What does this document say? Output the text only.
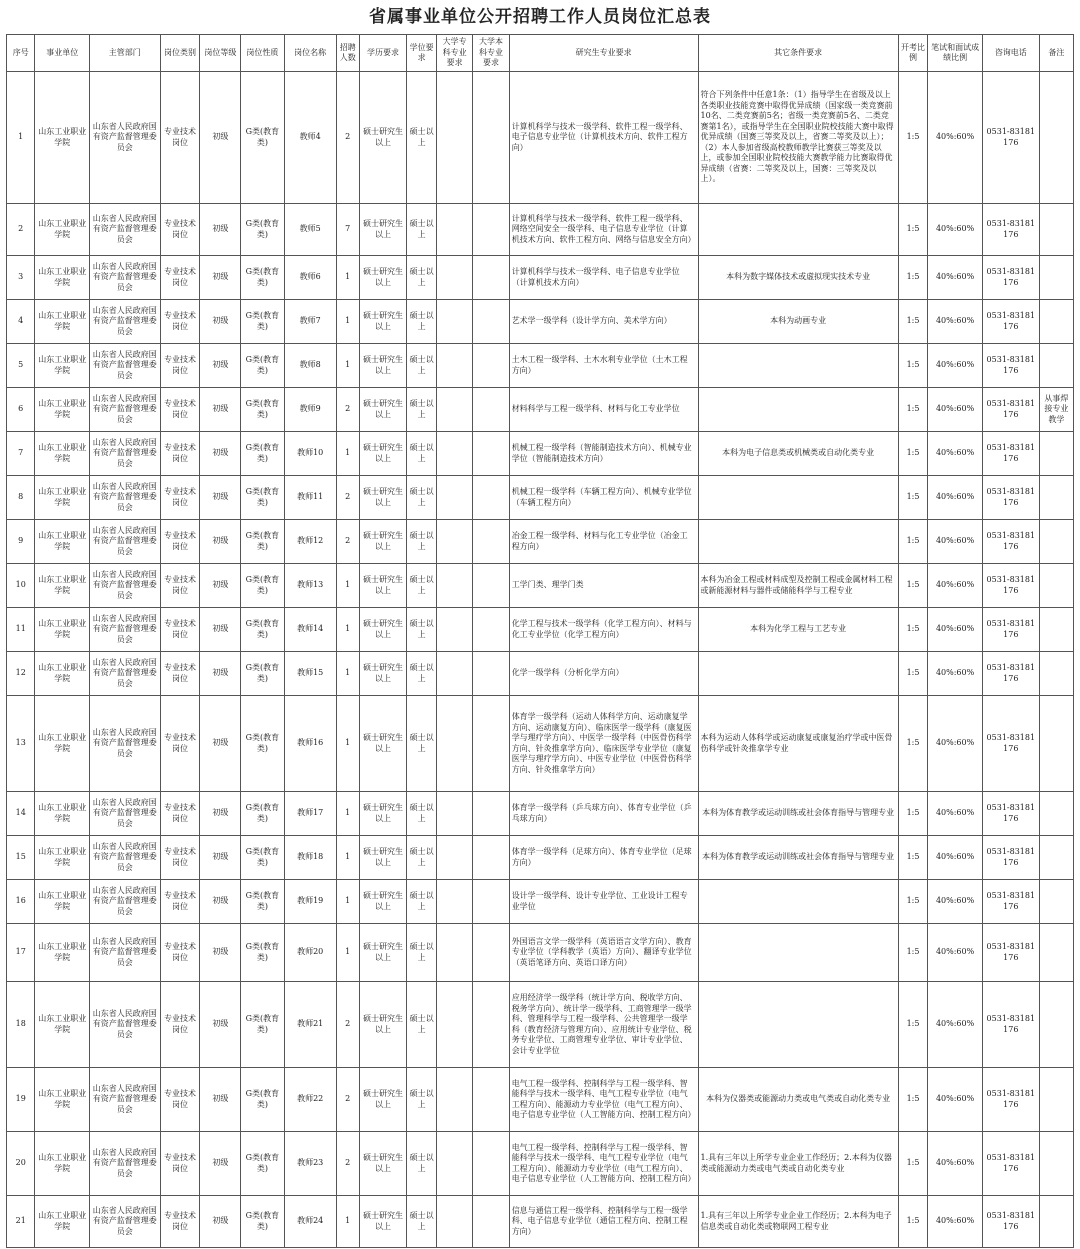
省属事业单位公开招聘工作人员岗位汇总表
序号	事业单位	主管部门	岗位类别	岗位等级	岗位性质	岗位名称	招聘人数	学历要求	学位要求	大学专科专业要求	大学本科专业要求	研究生专业要求	其它条件要求	开考比例	笔试和面试成绩比例	咨询电话	备注
1	山东工业职业学院	山东省人民政府国有资产监督管理委员会	专业技术岗位	初级	G类(教育类)	教师4	2	硕士研究生以上	硕士以上			计算机科学与技术一级学科、软件工程一级学科、电子信息专业学位（计算机技术方向、软件工程方向）	符合下列条件中任意1条：（1）指导学生在省级及以上各类职业技能竞赛中取得优异成绩（国家级一类竞赛前10名、二类竞赛前5名；省级一类竞赛前5名、二类竞赛第1名），或指导学生在全国职业院校技能大赛中取得优异成绩（国赛三等奖及以上，省赛二等奖及以上）；（2）本人参加省级高校教师教学比赛获三等奖及以上，或参加全国职业院校技能大赛教学能力比赛取得优异成绩（省赛：二等奖及以上，国赛：三等奖及以上）。	1:5	40%:60%	0531-83181176	
2	山东工业职业学院	山东省人民政府国有资产监督管理委员会	专业技术岗位	初级	G类(教育类)	教师5	7	硕士研究生以上	硕士以上			计算机科学与技术一级学科、软件工程一级学科、网络空间安全一级学科、电子信息专业学位（计算机技术方向、软件工程方向、网络与信息安全方向）		1:5	40%:60%	0531-83181176	
3	山东工业职业学院	山东省人民政府国有资产监督管理委员会	专业技术岗位	初级	G类(教育类)	教师6	1	硕士研究生以上	硕士以上			计算机科学与技术一级学科、电子信息专业学位（计算机技术方向）	本科为数字媒体技术或虚拟现实技术专业	1:5	40%:60%	0531-83181176	
4	山东工业职业学院	山东省人民政府国有资产监督管理委员会	专业技术岗位	初级	G类(教育类)	教师7	1	硕士研究生以上	硕士以上			艺术学一级学科（设计学方向、美术学方向）	本科为动画专业	1:5	40%:60%	0531-83181176	
5	山东工业职业学院	山东省人民政府国有资产监督管理委员会	专业技术岗位	初级	G类(教育类)	教师8	1	硕士研究生以上	硕士以上			土木工程一级学科、土木水利专业学位（土木工程方向）		1:5	40%:60%	0531-83181176	
6	山东工业职业学院	山东省人民政府国有资产监督管理委员会	专业技术岗位	初级	G类(教育类)	教师9	2	硕士研究生以上	硕士以上			材料科学与工程一级学科、材料与化工专业学位		1:5	40%:60%	0531-83181176	从事焊接专业教学
7	山东工业职业学院	山东省人民政府国有资产监督管理委员会	专业技术岗位	初级	G类(教育类)	教师10	1	硕士研究生以上	硕士以上			机械工程一级学科（智能制造技术方向）、机械专业学位（智能制造技术方向）	本科为电子信息类或机械类或自动化类专业	1:5	40%:60%	0531-83181176	
8	山东工业职业学院	山东省人民政府国有资产监督管理委员会	专业技术岗位	初级	G类(教育类)	教师11	2	硕士研究生以上	硕士以上			机械工程一级学科（车辆工程方向）、机械专业学位（车辆工程方向）		1:5	40%:60%	0531-83181176	
9	山东工业职业学院	山东省人民政府国有资产监督管理委员会	专业技术岗位	初级	G类(教育类)	教师12	2	硕士研究生以上	硕士以上			冶金工程一级学科、材料与化工专业学位（冶金工程方向）		1:5	40%:60%	0531-83181176	
10	山东工业职业学院	山东省人民政府国有资产监督管理委员会	专业技术岗位	初级	G类(教育类)	教师13	1	硕士研究生以上	硕士以上			工学门类、理学门类	本科为冶金工程或材料成型及控制工程或金属材料工程或新能源材料与器件或储能科学与工程专业	1:5	40%:60%	0531-83181176	
11	山东工业职业学院	山东省人民政府国有资产监督管理委员会	专业技术岗位	初级	G类(教育类)	教师14	1	硕士研究生以上	硕士以上			化学工程与技术一级学科（化学工程方向）、材料与化工专业学位（化学工程方向）	本科为化学工程与工艺专业	1:5	40%:60%	0531-83181176	
12	山东工业职业学院	山东省人民政府国有资产监督管理委员会	专业技术岗位	初级	G类(教育类)	教师15	1	硕士研究生以上	硕士以上			化学一级学科（分析化学方向）		1:5	40%:60%	0531-83181176	
13	山东工业职业学院	山东省人民政府国有资产监督管理委员会	专业技术岗位	初级	G类(教育类)	教师16	1	硕士研究生以上	硕士以上			体育学一级学科（运动人体科学方向、运动康复学方向、运动康复方向）、临床医学一级学科（康复医学与理疗学方向）、中医学一级学科（中医骨伤科学方向、针灸推拿学方向）、临床医学专业学位（康复医学与理疗学方向）、中医专业学位（中医骨伤科学方向、针灸推拿学方向）	本科为运动人体科学或运动康复或康复治疗学或中医骨伤科学或针灸推拿学专业	1:5	40%:60%	0531-83181176	
14	山东工业职业学院	山东省人民政府国有资产监督管理委员会	专业技术岗位	初级	G类(教育类)	教师17	1	硕士研究生以上	硕士以上			体育学一级学科（乒乓球方向）、体育专业学位（乒乓球方向）	本科为体育教学或运动训练或社会体育指导与管理专业	1:5	40%:60%	0531-83181176	
15	山东工业职业学院	山东省人民政府国有资产监督管理委员会	专业技术岗位	初级	G类(教育类)	教师18	1	硕士研究生以上	硕士以上			体育学一级学科（足球方向）、体育专业学位（足球方向）	本科为体育教学或运动训练或社会体育指导与管理专业	1:5	40%:60%	0531-83181176	
16	山东工业职业学院	山东省人民政府国有资产监督管理委员会	专业技术岗位	初级	G类(教育类)	教师19	1	硕士研究生以上	硕士以上			设计学一级学科、设计专业学位、工业设计工程专业学位		1:5	40%:60%	0531-83181176	
17	山东工业职业学院	山东省人民政府国有资产监督管理委员会	专业技术岗位	初级	G类(教育类)	教师20	1	硕士研究生以上	硕士以上			外国语言文学一级学科（英语语言文学方向）、教育专业学位（学科教学（英语）方向）、翻译专业学位（英语笔译方向、英语口译方向）		1:5	40%:60%	0531-83181176	
18	山东工业职业学院	山东省人民政府国有资产监督管理委员会	专业技术岗位	初级	G类(教育类)	教师21	2	硕士研究生以上	硕士以上			应用经济学一级学科（统计学方向、税收学方向、税务学方向）、统计学一级学科、工商管理学一级学科、管理科学与工程一级学科、公共管理学一级学科（教育经济与管理方向）、应用统计专业学位、税务专业学位、工商管理专业学位、审计专业学位、会计专业学位		1:5	40%:60%	0531-83181176	
19	山东工业职业学院	山东省人民政府国有资产监督管理委员会	专业技术岗位	初级	G类(教育类)	教师22	2	硕士研究生以上	硕士以上			电气工程一级学科、控制科学与工程一级学科、智能科学与技术一级学科、电气工程专业学位（电气工程方向）、能源动力专业学位（电气工程方向）、电子信息专业学位（人工智能方向、控制工程方向）	本科为仪器类或能源动力类或电气类或自动化类专业	1:5	40%:60%	0531-83181176	
20	山东工业职业学院	山东省人民政府国有资产监督管理委员会	专业技术岗位	初级	G类(教育类)	教师23	2	硕士研究生以上	硕士以上			电气工程一级学科、控制科学与工程一级学科、智能科学与技术一级学科、电气工程专业学位（电气工程方向）、能源动力专业学位（电气工程方向）、电子信息专业学位（人工智能方向、控制工程方向）	1.具有三年以上所学专业企业工作经历；2.本科为仪器类或能源动力类或电气类或自动化类专业	1:5	40%:60%	0531-83181176	
21	山东工业职业学院	山东省人民政府国有资产监督管理委员会	专业技术岗位	初级	G类(教育类)	教师24	1	硕士研究生以上	硕士以上			信息与通信工程一级学科、控制科学与工程一级学科、电子信息专业学位（通信工程方向、控制工程方向）	1.具有三年以上所学专业企业工作经历；2.本科为电子信息类或自动化类或物联网工程专业	1:5	40%:60%	0531-83181176	
